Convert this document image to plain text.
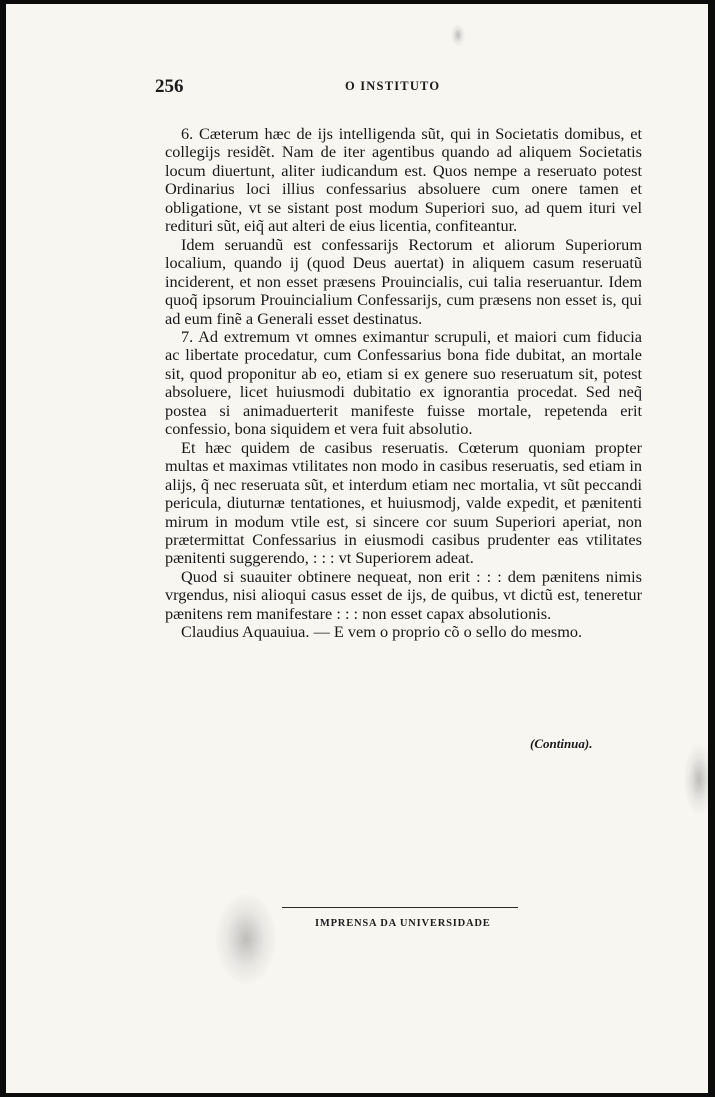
256	O INSTITUTO

6. Cæterum hæc de ijs intelligenda sũt, qui in Societatis domibus, et collegijs residẽt. Nam de iter agentibus quando ad aliquem Societatis locum diuertunt, aliter iudicandum est. Quos nempe a reseruato potest Ordinarius loci illius confessarius absoluere cum onere tamen et obligatione, vt se sistant post modum Superiori suo, ad quem ituri vel redituri sũt, eiq̃ aut alteri de eius licentia, confiteantur.

Idem seruandũ est confessarijs Rectorum et aliorum Superiorum localium, quando ij (quod Deus auertat) in aliquem casum reseruatũ inciderent, et non esset præsens Prouincialis, cui talia reseruantur. Idem quoq̃ ipsorum Prouincialium Confessarijs, cum præsens non esset is, qui ad eum finẽ a Generali esset destinatus.

7. Ad extremum vt omnes eximantur scrupuli, et maiori cum fiducia ac libertate procedatur, cum Confessarius bona fide dubitat, an mortale sit, quod proponitur ab eo, etiam si ex genere suo reseruatum sit, potest absoluere, licet huiusmodi dubitatio ex ignorantia procedat. Sed neq̃ postea si animaduerterit manifeste fuisse mortale, repetenda erit confessio, bona siquidem et vera fuit absolutio.

Et hæc quidem de casibus reseruatis. Cœterum quoniam propter multas et maximas vtilitates non modo in casibus reseruatis, sed etiam in alijs, q̃ nec reseruata sũt, et interdum etiam nec mortalia, vt sũt peccandi pericula, diuturnæ tentationes, et huiusmodj, valde expedit, et pænitenti mirum in modum vtile est, si sincere cor suum Superiori aperiat, non prætermittat Confessarius in eiusmodi casibus prudenter eas vtilitates pænitenti suggerendo, : : : vt Superiorem adeat.

Quod si suauiter obtinere nequeat, non erit : : : dem pænitens nimis vrgendus, nisi alioqui casus esset de ijs, de quibus, vt dictũ est, teneretur pænitens rem manifestare : : : non esset capax absolutionis.

Claudius Aquauiua. — E vem o proprio cõ o sello do mesmo.

(Continua).
IMPRENSA DA UNIVERSIDADE
